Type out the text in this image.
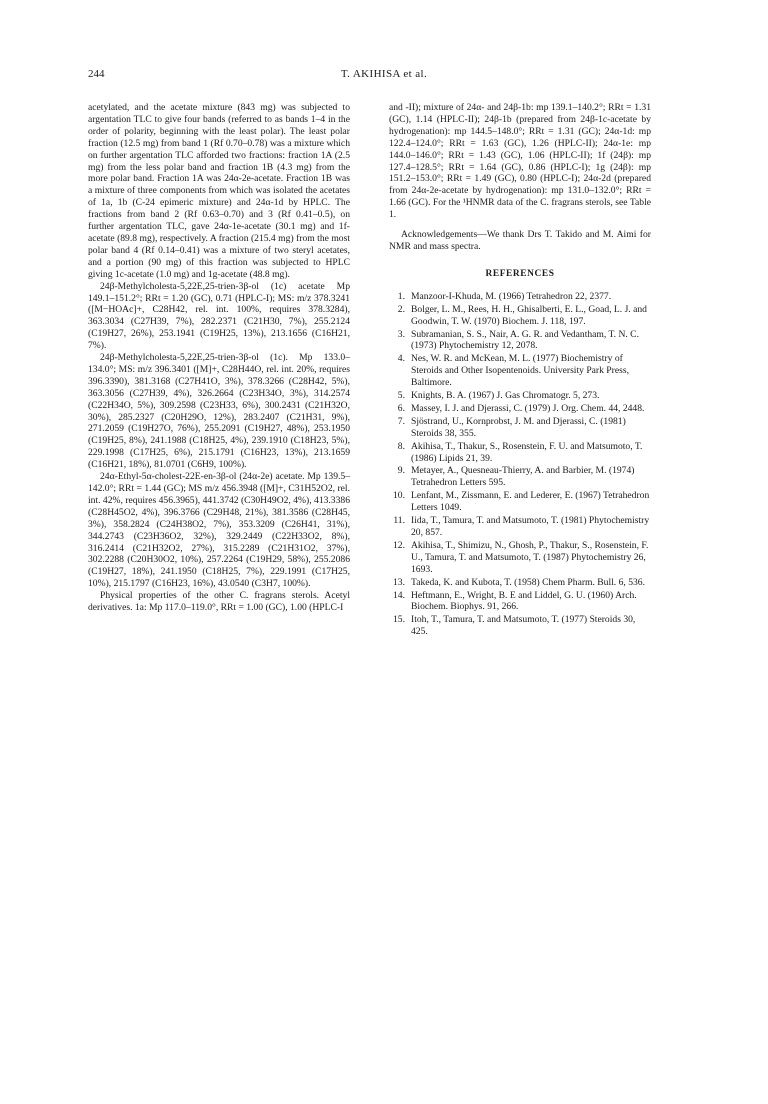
244	T. AKIHISA et al.

acetylated, and the acetate mixture (843 mg) was subjected to argentation TLC to give four bands (referred to as bands 1–4 in the order of polarity, beginning with the least polar). The least polar fraction (12.5 mg) from band 1 (Rf 0.70–0.78) was a mixture which on further argentation TLC afforded two fractions: fraction 1A (2.5 mg) from the less polar band and fraction 1B (4.3 mg) from the more polar band. Fraction 1A was 24α-2e-acetate. Fraction 1B was a mixture of three components from which was isolated the acetates of 1a, 1b (C-24 epimeric mixture) and 24α-1d by HPLC. The fractions from band 2 (Rf 0.63–0.70) and 3 (Rf 0.41–0.5), on further argentation TLC, gave 24α-1e-acetate (30.1 mg) and 1f-acetate (89.8 mg), respectively. A fraction (215.4 mg) from the most polar band 4 (Rf 0.14–0.41) was a mixture of two steryl acetates, and a portion (90 mg) of this fraction was subjected to HPLC giving 1c-acetate (1.0 mg) and 1g-acetate (48.8 mg).

24β-Methylcholesta-5,22E,25-trien-3β-ol (1c) acetate Mp 149.1–151.2°; RRt = 1.20 (GC), 0.71 (HPLC-I); MS: m/z 378.3241 ([M−HOAc]+, C28H42, rel. int. 100%, requires 378.3284), 363.3034 (C27H39, 7%), 282.2371 (C21H30, 7%), 255.2124 (C19H27, 26%), 253.1941 (C19H25, 13%), 213.1656 (C16H21, 7%).

24β-Methylcholesta-5,22E,25-trien-3β-ol (1c). Mp 133.0–134.0°; MS: m/z 396.3401 ([M]+, C28H44O, rel. int. 20%, requires 396.3390), 381.3168 (C27H41O, 3%), 378.3266 (C28H42, 5%), 363.3056 (C27H39, 4%), 326.2664 (C23H34O, 3%), 314.2574 (C22H34O, 5%), 309.2598 (C23H33, 6%), 300.2431 (C21H32O, 30%), 285.2327 (C20H29O, 12%), 283.2407 (C21H31, 9%), 271.2059 (C19H27O, 76%), 255.2091 (C19H27, 48%), 253.1950 (C19H25, 8%), 241.1988 (C18H25, 4%), 239.1910 (C18H23, 5%), 229.1998 (C17H25, 6%), 215.1791 (C16H23, 13%), 213.1659 (C16H21, 18%), 81.0701 (C6H9, 100%).

24α-Ethyl-5α-cholest-22E-en-3β-ol (24α-2e) acetate. Mp 139.5–142.0°; RRt = 1.44 (GC); MS m/z 456.3948 ([M]+, C31H52O2, rel. int. 42%, requires 456.3965), 441.3742 (C30H49O2, 4%), 413.3386 (C28H45O2, 4%), 396.3766 (C29H48, 21%), 381.3586 (C28H45, 3%), 358.2824 (C24H38O2, 7%), 353.3209 (C26H41, 31%), 344.2743 (C23H36O2, 32%), 329.2449 (C22H33O2, 8%), 316.2414 (C21H32O2, 27%), 315.2289 (C21H31O2, 37%), 302.2288 (C20H30O2, 10%), 257.2264 (C19H29, 58%), 255.2086 (C19H27, 18%), 241.1950 (C18H25, 7%), 229.1991 (C17H25, 10%), 215.1797 (C16H23, 16%), 43.0540 (C3H7, 100%).

Physical properties of the other C. fragrans sterols. Acetyl derivatives. 1a: Mp 117.0–119.0°, RRt = 1.00 (GC), 1.00 (HPLC-I

and -II); mixture of 24α- and 24β-1b: mp 139.1–140.2°; RRt = 1.31 (GC), 1.14 (HPLC-II); 24β-1b (prepared from 24β-1c-acetate by hydrogenation): mp 144.5–148.0°; RRt = 1.31 (GC); 24α-1d: mp 122.4–124.0°; RRt = 1.63 (GC), 1.26 (HPLC-II); 24α-1e: mp 144.0–146.0°; RRt = 1.43 (GC), 1.06 (HPLC-II); 1f (24β): mp 127.4–128.5°; RRt = 1.64 (GC), 0.86 (HPLC-I); 1g (24β): mp 151.2–153.0°; RRt = 1.49 (GC), 0.80 (HPLC-I); 24α-2d (prepared from 24α-2e-acetate by hydrogenation): mp 131.0–132.0°; RRt = 1.66 (GC). For the ¹HNMR data of the C. fragrans sterols, see Table 1.

Acknowledgements—We thank Drs T. Takido and M. Aimi for NMR and mass spectra.

REFERENCES
1. Manzoor-I-Khuda, M. (1966) Tetrahedron 22, 2377.
2. Bolger, L. M., Rees, H. H., Ghisalberti, E. L., Goad, L. J. and Goodwin, T. W. (1970) Biochem. J. 118, 197.
3. Subramanian, S. S., Nair, A. G. R. and Vedantham, T. N. C. (1973) Phytochemistry 12, 2078.
4. Nes, W. R. and McKean, M. L. (1977) Biochemistry of Steroids and Other Isopentenoids. University Park Press, Baltimore.
5. Knights, B. A. (1967) J. Gas Chromatogr. 5, 273.
6. Massey, I. J. and Djerassi, C. (1979) J. Org. Chem. 44, 2448.
7. Sjöstrand, U., Kornprobst, J. M. and Djerassi, C. (1981) Steroids 38, 355.
8. Akihisa, T., Thakur, S., Rosenstein, F. U. and Matsumoto, T. (1986) Lipids 21, 39.
9. Metayer, A., Quesneau-Thierry, A. and Barbier, M. (1974) Tetrahedron Letters 595.
10. Lenfant, M., Zissmann, E. and Lederer, E. (1967) Tetrahedron Letters 1049.
11. Iida, T., Tamura, T. and Matsumoto, T. (1981) Phytochemistry 20, 857.
12. Akihisa, T., Shimizu, N., Ghosh, P., Thakur, S., Rosenstein, F. U., Tamura, T. and Matsumoto, T. (1987) Phytochemistry 26, 1693.
13. Takeda, K. and Kubota, T. (1958) Chem Pharm. Bull. 6, 536.
14. Heftmann, E., Wright, B. E and Liddel, G. U. (1960) Arch. Biochem. Biophys. 91, 266.
15. Itoh, T., Tamura, T. and Matsumoto, T. (1977) Steroids 30, 425.
